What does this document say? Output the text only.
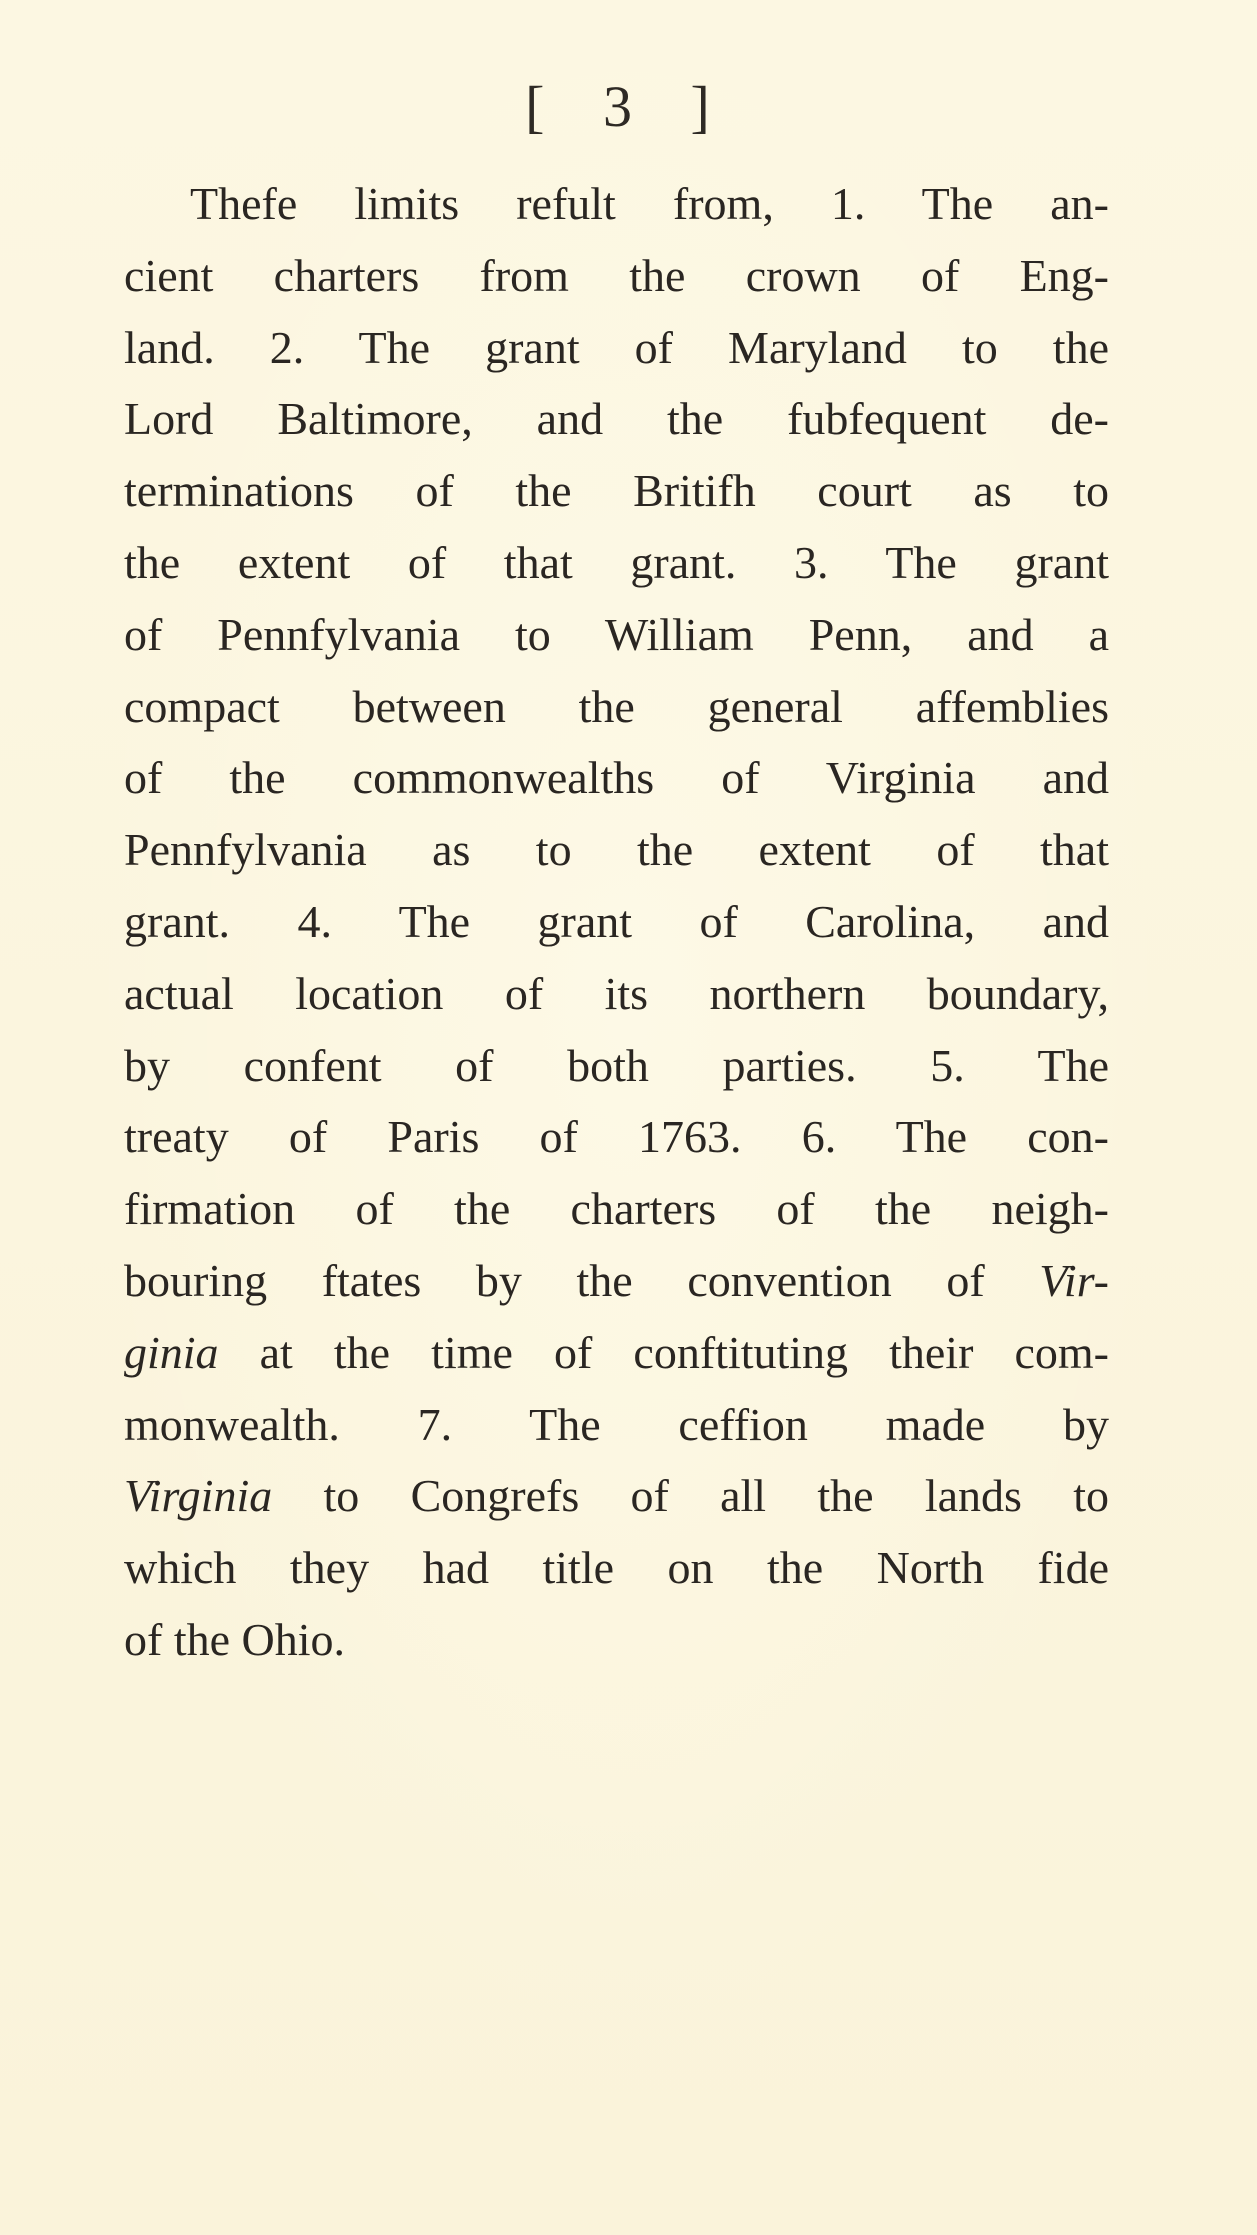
[ 3 ]
Thefe limits refult from, 1. The an-
cient charters from the crown of Eng-
land. 2. The grant of Maryland to the
Lord Baltimore, and the fubfequent de-
terminations of the Britifh court as to
the extent of that grant. 3. The grant
of Pennfylvania to William Penn, and a
compact between the general affemblies
of the commonwealths of Virginia and
Pennfylvania as to the extent of that
grant. 4. The grant of Carolina, and
actual location of its northern boundary,
by confent of both parties. 5. The
treaty of Paris of 1763. 6. The con-
firmation of the charters of the neigh-
bouring ftates by the convention of Vir-
ginia at the time of conftituting their com-
monwealth. 7. The ceffion made by
Virginia to Congrefs of all the lands to
which they had title on the North fide
of the Ohio.
